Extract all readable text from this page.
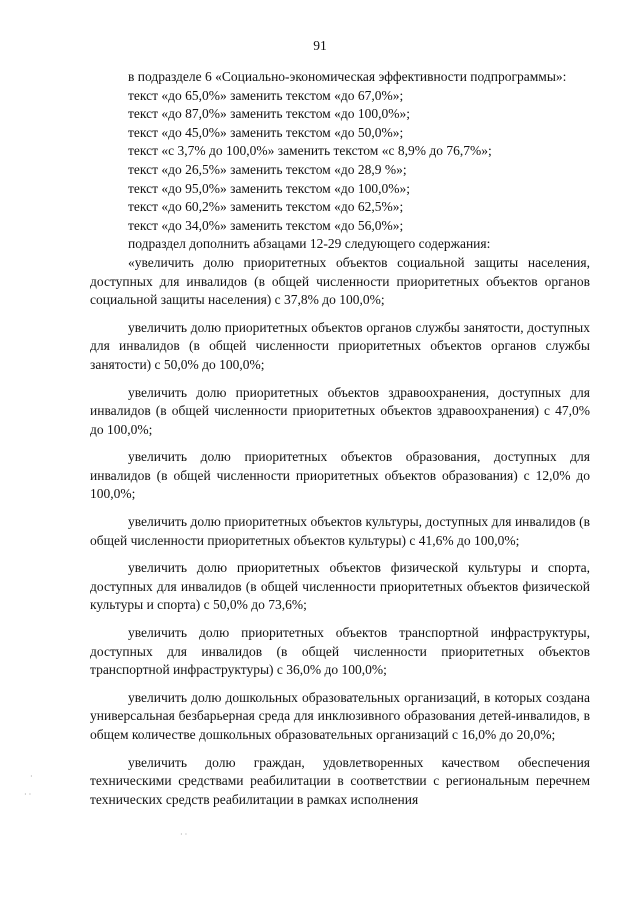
91

в подразделе 6 «Социально-экономическая эффективности подпрограммы»:

текст «до 65,0%» заменить текстом «до 67,0%»;

текст «до 87,0%» заменить текстом «до 100,0%»;

текст «до 45,0%» заменить текстом «до 50,0%»;

текст «с 3,7% до 100,0%» заменить текстом «с 8,9% до 76,7%»;

текст «до 26,5%» заменить текстом «до 28,9 %»;

текст «до 95,0%» заменить текстом «до 100,0%»;

текст «до 60,2%» заменить текстом «до 62,5%»;

текст «до 34,0%» заменить текстом «до 56,0%»;

подраздел дополнить абзацами 12-29 следующего содержания:

«увеличить долю приоритетных объектов социальной защиты населения, доступных для инвалидов (в общей численности приоритетных объектов органов социальной защиты населения) с 37,8% до 100,0%;

увеличить долю приоритетных объектов органов службы занятости, доступных для инвалидов (в общей численности приоритетных объектов органов службы занятости) с 50,0% до 100,0%;

увеличить долю приоритетных объектов здравоохранения, доступных для инвалидов (в общей численности приоритетных объектов здравоохранения) с 47,0% до 100,0%;

увеличить долю приоритетных объектов образования, доступных для инвалидов (в общей численности приоритетных объектов образования) с 12,0% до 100,0%;

увеличить долю приоритетных объектов культуры, доступных для инвалидов (в общей численности приоритетных объектов культуры) с 41,6% до 100,0%;

увеличить долю приоритетных объектов физической культуры и спорта, доступных для инвалидов (в общей численности приоритетных объектов физической культуры и спорта) с 50,0% до 73,6%;

увеличить долю приоритетных объектов транспортной инфраструктуры, доступных для инвалидов (в общей численности приоритетных объектов транспортной инфраструктуры) с 36,0% до 100,0%;

увеличить долю дошкольных образовательных организаций, в которых создана универсальная безбарьерная среда для инклюзивного образования детей-инвалидов, в общем количестве дошкольных образовательных организаций с 16,0% до 20,0%;

увеличить долю граждан, удовлетворенных качеством обеспечения техническими средствами реабилитации в соответствии с региональным перечнем технических средств реабилитации в рамках исполнения

·
· ·
· ·
